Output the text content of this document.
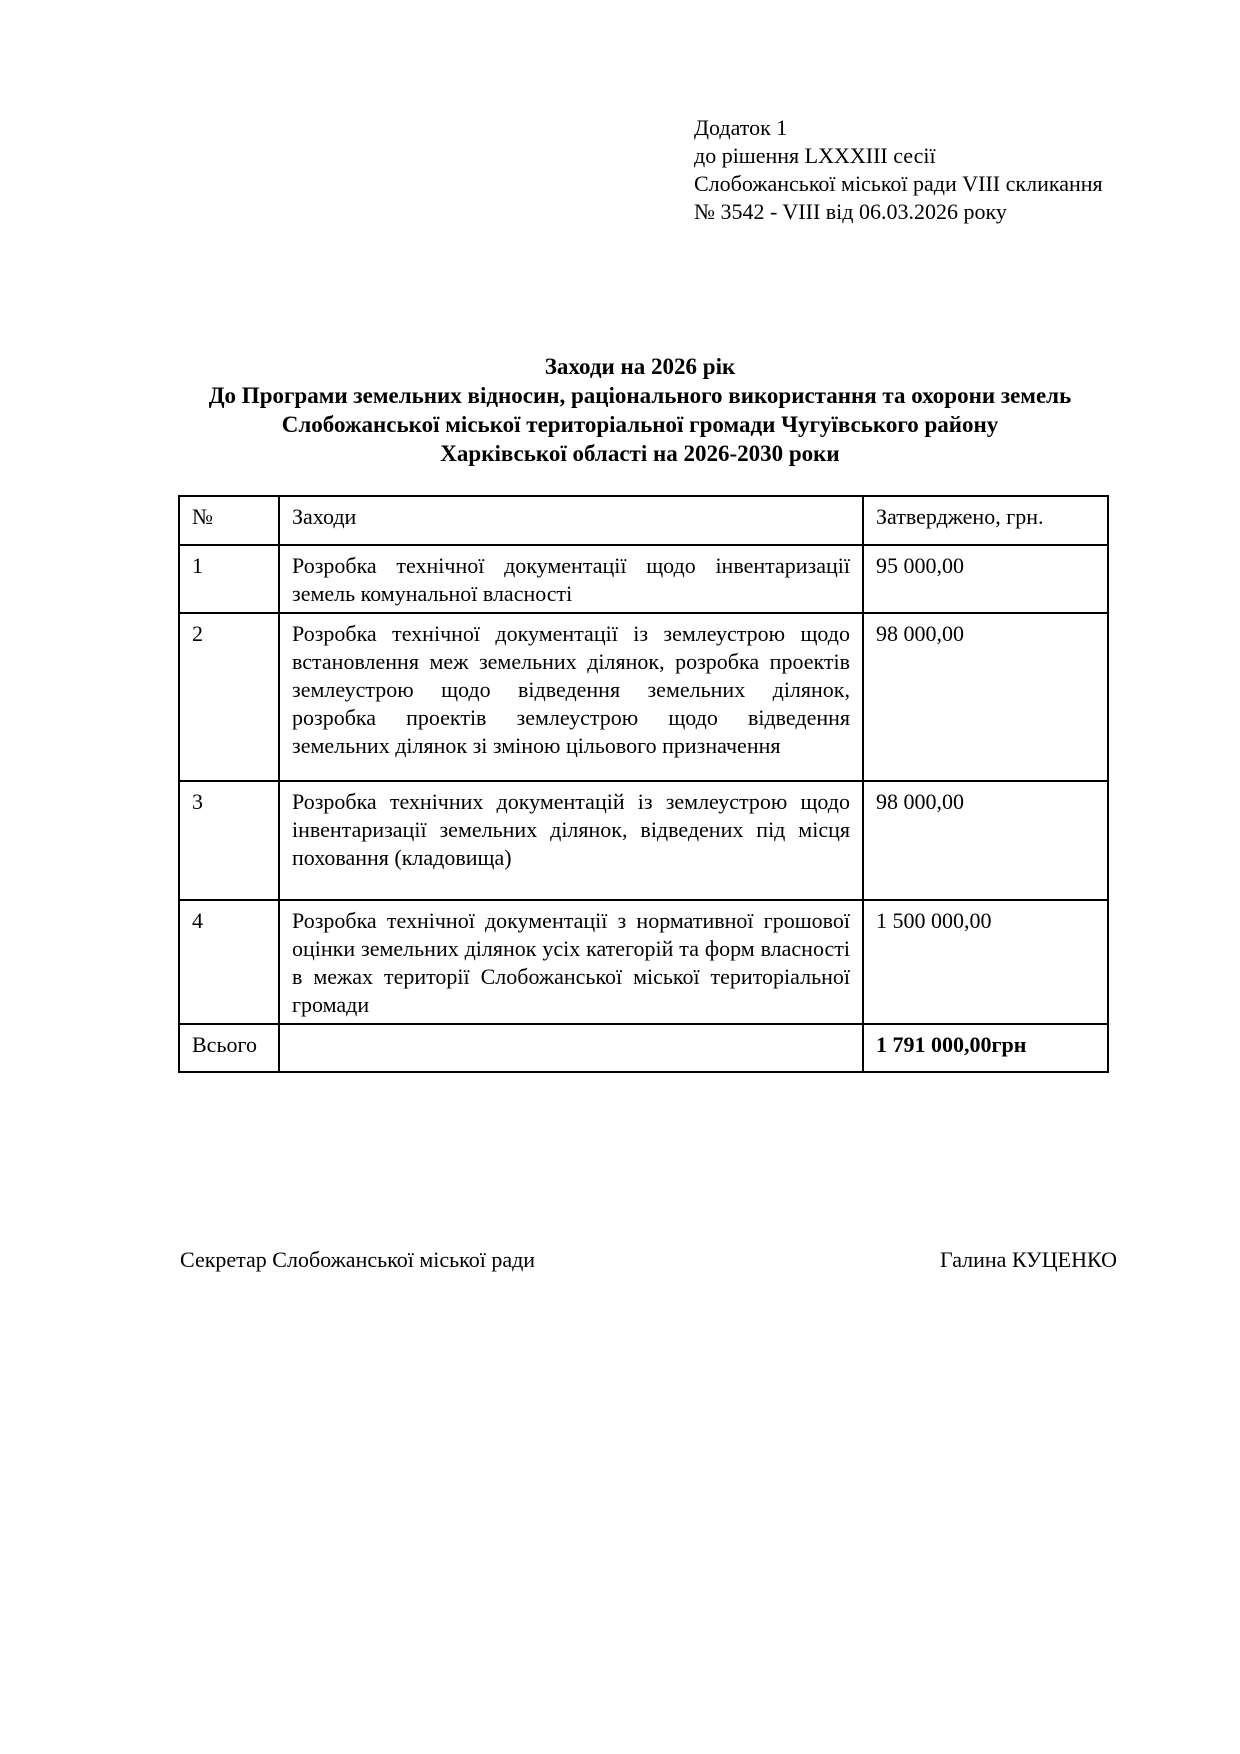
Додаток 1
до рішення LXXXIII сесії
Слобожанської міської ради VIII скликання
№ 3542 - VIII від 06.03.2026 року
Заходи на 2026 рік
До Програми земельних відносин, раціонального використання та охорони земель
Слобожанської міської територіальної громади Чугуївського району
Харківської області на 2026-2030 роки
№	Заходи	Затверджено, грн.
1	Розробка технічної документації щодо інвентаризації земель комунальної власності	95 000,00
2	Розробка технічної документації із землеустрою щодо встановлення меж земельних ділянок, розробка проектів землеустрою щодо відведення земельних ділянок, розробка проектів землеустрою щодо відведення земельних ділянок зі зміною цільового призначення	98 000,00
3	Розробка технічних документацій із землеустрою щодо інвентаризації земельних ділянок, відведених під місця поховання (кладовища)	98 000,00
4	Розробка технічної документації з нормативної грошової оцінки земельних ділянок усіх категорій та форм власності в межах території Слобожанської міської територіальної громади	1 500 000,00
Всього		1 791 000,00грн
Секретар Слобожанської міської ради	Галина КУЦЕНКО
